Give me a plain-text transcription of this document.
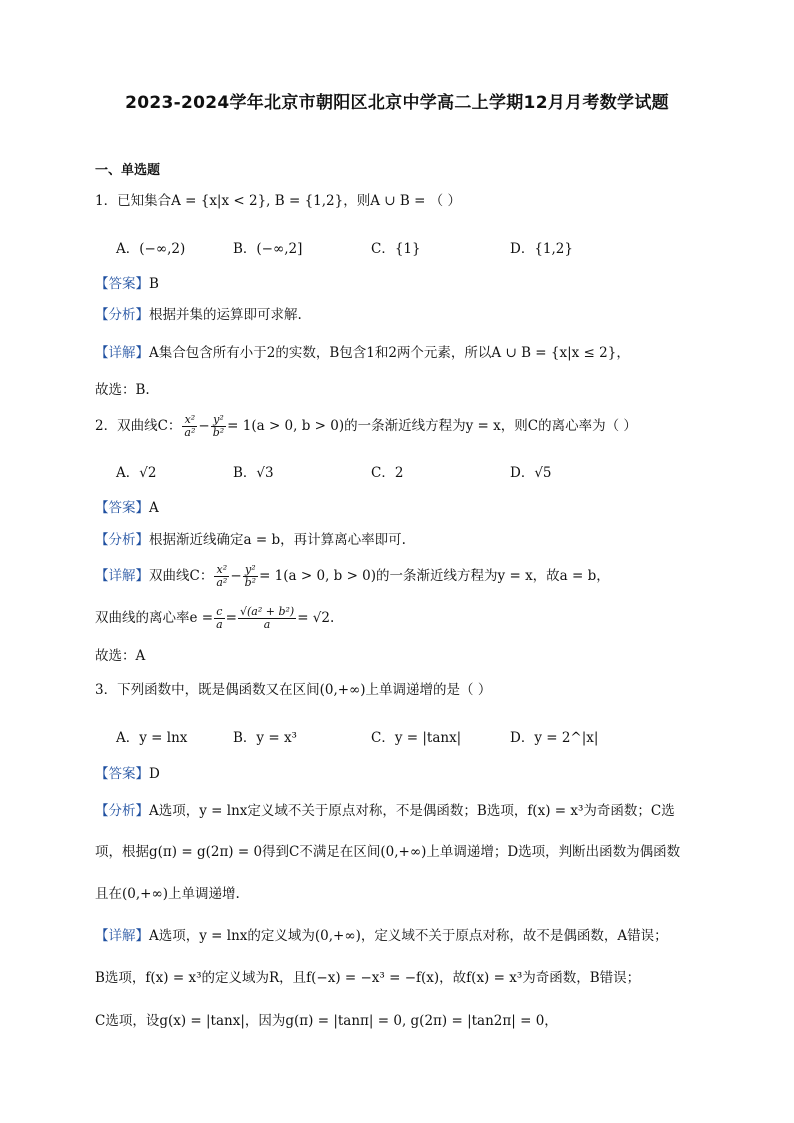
2023-2024学年北京市朝阳区北京中学高二上学期12月月考数学试题
一、单选题
1．已知集合A = {x|x < 2}, B = {1,2}，则A ∪ B = （ ）
A．(−∞,2)	B．(−∞,2]	C．{1}	D．{1,2}
【答案】B
【分析】根据并集的运算即可求解.
【详解】A集合包含所有小于2的实数，B包含1和2两个元素，所以A ∪ B = {x|x ≤ 2}，
故选：B.
2．双曲线C： $\frac{\text{x²}}{\text{a²}} - \frac{\text{y²}}{\text{b²}} = 1(a > 0$, b > 0)的一条渐近线方程为y = x，则C的离心率为（ ）
A．√2	B．√3	C．2	D．√5
【答案】A
【分析】根据渐近线确定a = b，再计算离心率即可.
【详解】双曲线C： $\frac{\text{x²}}{\text{a²}} - \frac{\text{y²}}{\text{b²}} = 1(a > 0$, b > 0)的一条渐近线方程为y = x，故a = b，
双曲线的离心率$e = \frac{c}{a} = \frac{\text{√(a² + b²)}}{a} = √2$.
故选：A
3．下列函数中，既是偶函数又在区间(0,+∞)上单调递增的是（ ）
A．y = lnx	B．y = x³	C．y = |tanx|	D．y = 2^|x|
【答案】D
【分析】A选项，y = lnx定义域不关于原点对称，不是偶函数；B选项，f(x) = x³为奇函数；C选
项，根据g(π) = g(2π) = 0得到C不满足在区间(0,+∞)上单调递增；D选项，判断出函数为偶函数
且在(0,+∞)上单调递增.
【详解】A选项，y = lnx的定义域为(0,+∞)，定义域不关于原点对称，故不是偶函数，A错误；
B选项，f(x) = x³的定义域为R，且f(−x) = −x³ = −f(x)，故f(x) = x³为奇函数，B错误；
C选项，设g(x) = |tanx|，因为g(π) = |tanπ| = 0, g(2π) = |tan2π| = 0，
